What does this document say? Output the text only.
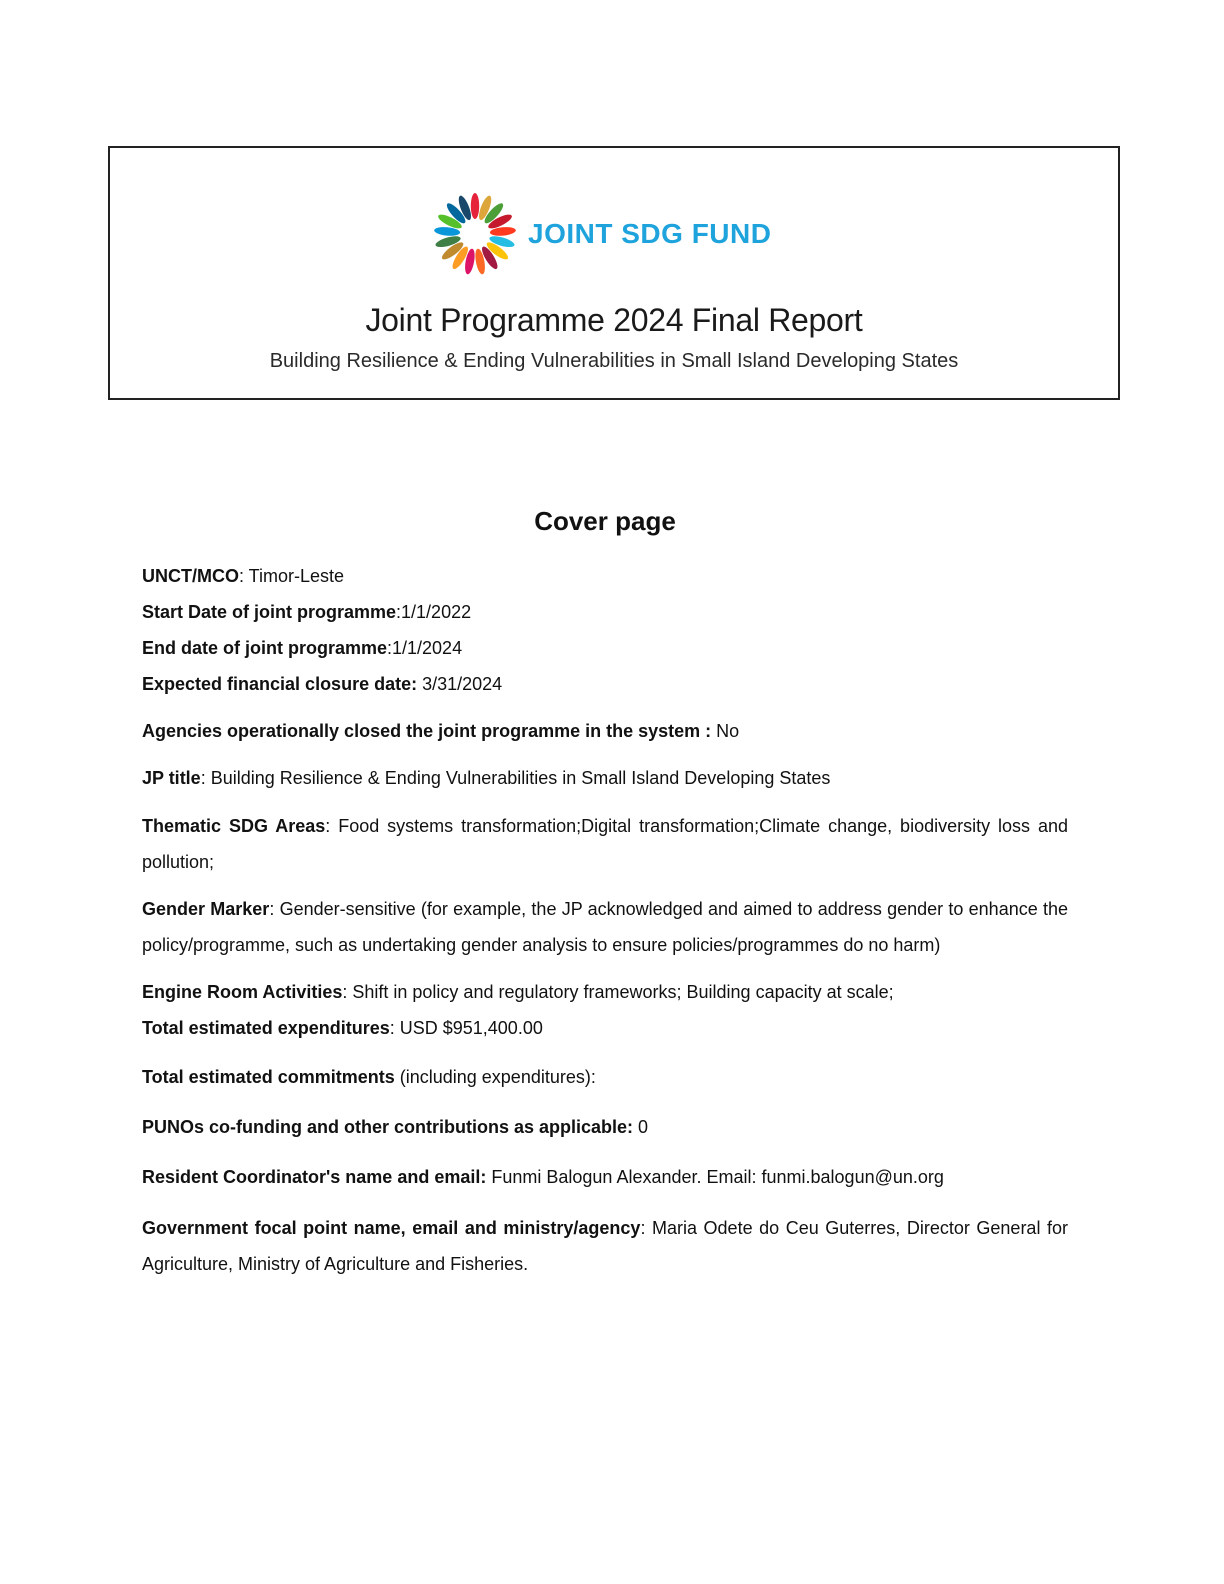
JOINT SDG FUND
Joint Programme 2024 Final Report
Building Resilience & Ending Vulnerabilities in Small Island Developing States
Cover page
UNCT/MCO: Timor-Leste
Start Date of joint programme:1/1/2022
End date of joint programme:1/1/2024
Expected financial closure date: 3/31/2024
Agencies operationally closed the joint programme in the system : No
JP title: Building Resilience & Ending Vulnerabilities in Small Island Developing States
Thematic SDG Areas: Food systems transformation;Digital transformation;Climate change, biodiversity loss and pollution;
Gender Marker: Gender-sensitive (for example, the JP acknowledged and aimed to address gender to enhance the policy/programme, such as undertaking gender analysis to ensure policies/programmes do no harm)
Engine Room Activities: Shift in policy and regulatory frameworks; Building capacity at scale;
Total estimated expenditures: USD $951,400.00
Total estimated commitments (including expenditures):
PUNOs co-funding and other contributions as applicable: 0
Resident Coordinator's name and email: Funmi Balogun Alexander. Email: funmi.balogun@un.org
Government focal point name, email and ministry/agency: Maria Odete do Ceu Guterres, Director General for Agriculture, Ministry of Agriculture and Fisheries.
